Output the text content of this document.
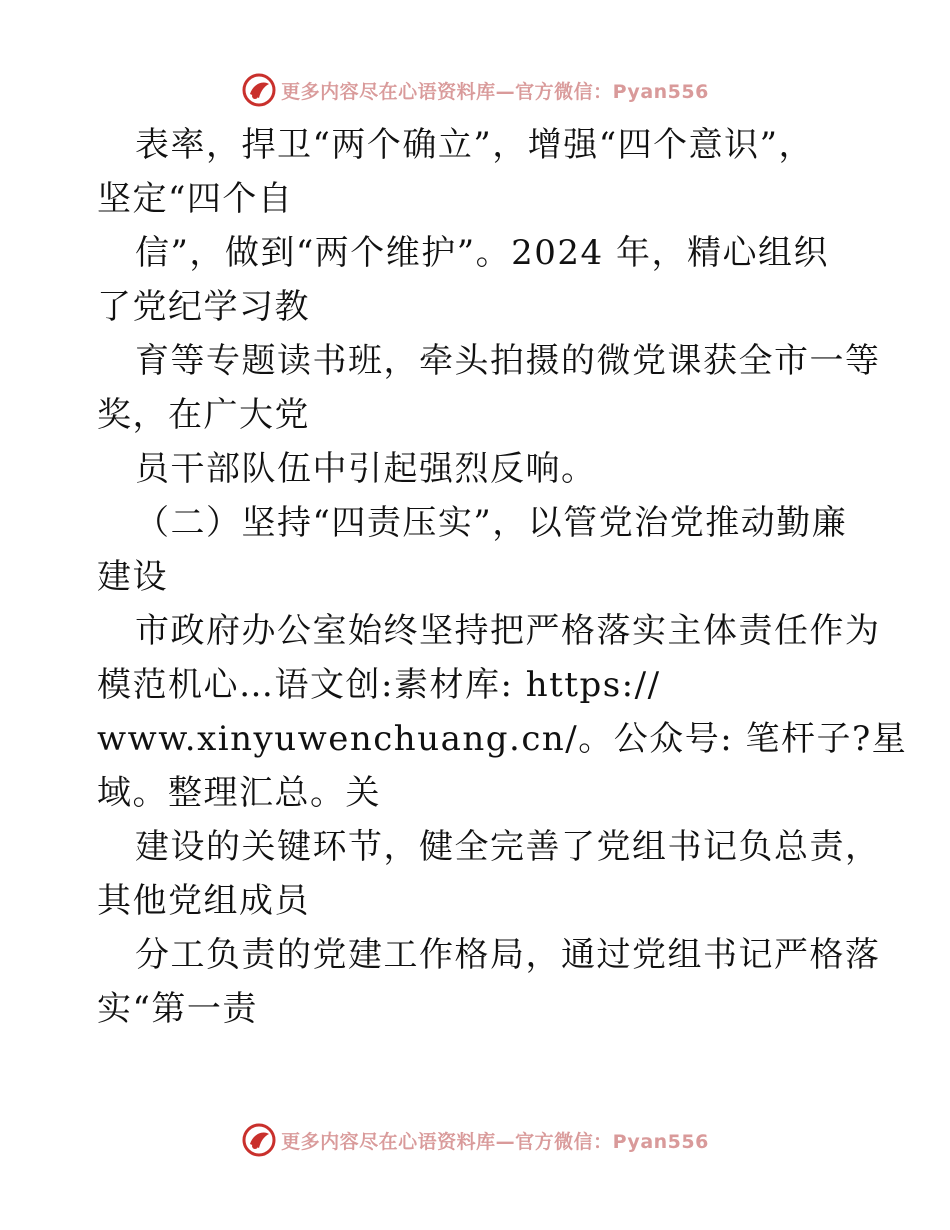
更多内容尽在心语资料库—官方微信：Pyan556
表率，捍卫“两个确立”，增强“四个意识”，
坚定“四个自
信”，做到“两个维护”。2024 年，精心组织
了党纪学习教
育等专题读书班，牵头拍摄的微党课获全市一等
奖，在广大党
员干部队伍中引起强烈反响。
（二）坚持“四责压实”，以管党治党推动勤廉
建设
市政府办公室始终坚持把严格落实主体责任作为
模范机心…语文创:素材库: https://
www.xinyuwenchuang.cn/。公众号: 笔杆子?星
域。整理汇总。关
建设的关键环节，健全完善了党组书记负总责，
其他党组成员
分工负责的党建工作格局，通过党组书记严格落
实“第一责
更多内容尽在心语资料库—官方微信：Pyan556
